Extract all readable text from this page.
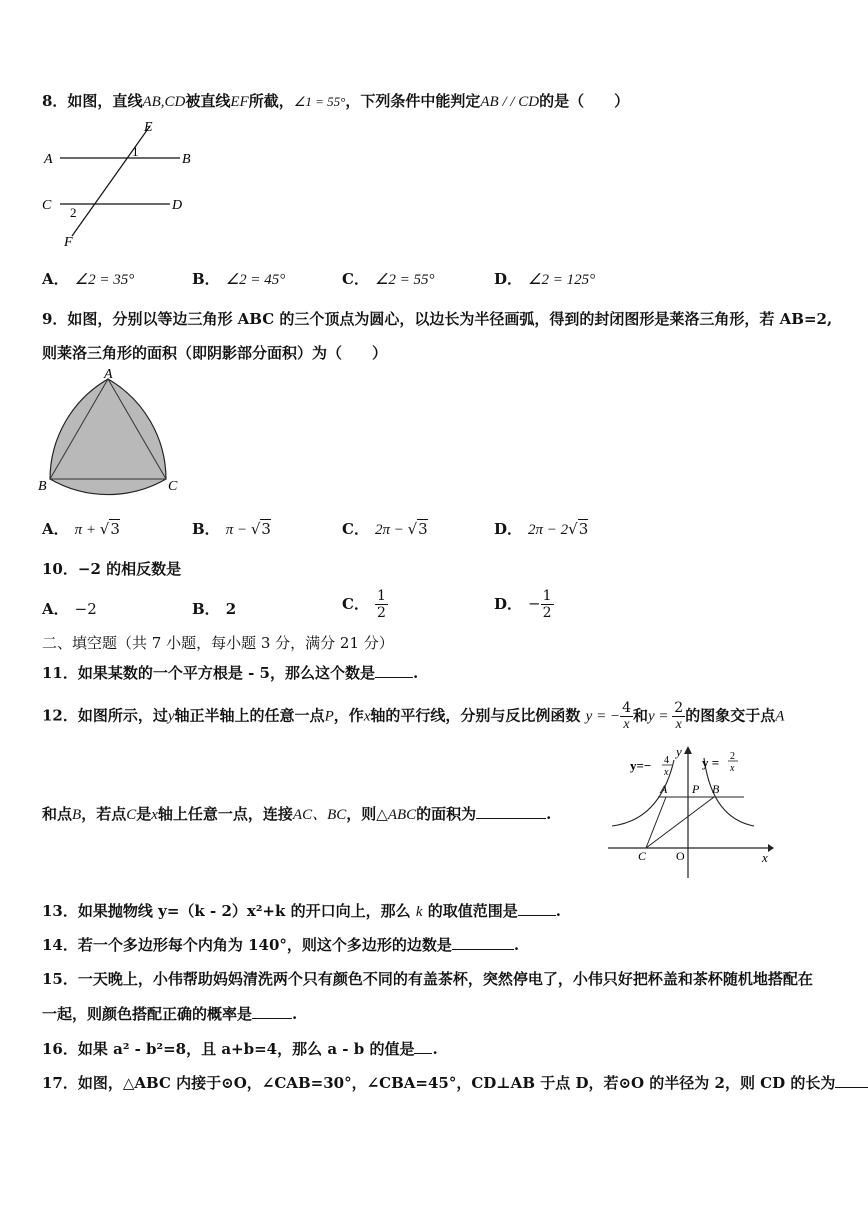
8．如图，直线AB,CD被直线EF所截，∠1 = 55°，下列条件中能判定AB / / CD的是（　　）
E
A	B
1
C	D
2
F
A． ∠2 = 35°	B． ∠2 = 45°	C． ∠2 = 55°	D． ∠2 = 125°
9．如图，分别以等边三角形 ABC 的三个顶点为圆心，以边长为半径画弧，得到的封闭图形是莱洛三角形，若 AB=2,
则莱洛三角形的面积（即阴影部分面积）为（　　）
A
B	C
A． π + √3	B． π − √3	C． 2π − √3	D． 2π − 2√3
10．−2 的相反数是
A． −2	B． 2	C． $\frac{1}{2}$	D． − $\frac{1}{2}$
二、填空题（共 7 小题，每小题 3 分，满分 21 分）
11．如果某数的一个平方根是 - 5，那么这个数是	.
12．如图所示，过y轴正半轴上的任意一点P，作x轴的平行线，分别与反比例函数 y = − $\frac{4}{x}$ 和$y = \frac{2}{x}$ 的图象交于点A
和点B，若点C是x轴上任意一点，连接AC、BC，则△ABC的面积为	.
y=− 4
x
y = 2
x
y
x
A P B
C O
13．如果抛物线 y=（k - 2）x²+k 的开口向上，那么 k 的取值范围是	.
14．若一个多边形每个内角为 140°，则这个多边形的边数是	.
15．一天晚上，小伟帮助妈妈清洗两个只有颜色不同的有盖茶杯，突然停电了，小伟只好把杯盖和茶杯随机地搭配在
一起，则颜色搭配正确的概率是	.
16．如果 a² - b²=8，且 a+b=4，那么 a - b 的值是 .
17．如图，△ABC 内接于⊙O，∠CAB=30°，∠CBA=45°，CD⊥AB 于点 D，若⊙O 的半径为 2，则 CD 的长为
